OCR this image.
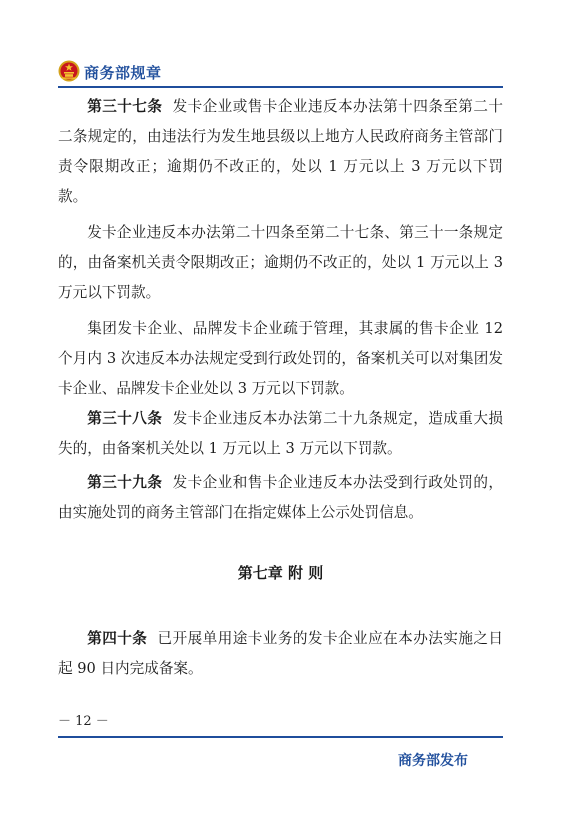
商务部规章
第三十七条 发卡企业或售卡企业违反本办法第十四条至第二十二条规定的，由违法行为发生地县级以上地方人民政府商务主管部门责令限期改正；逾期仍不改正的，处以 1 万元以上 3 万元以下罚款。
发卡企业违反本办法第二十四条至第二十七条、第三十一条规定的，由备案机关责令限期改正；逾期仍不改正的，处以 1 万元以上 3 万元以下罚款。
集团发卡企业、品牌发卡企业疏于管理，其隶属的售卡企业 12 个月内 3 次违反本办法规定受到行政处罚的，备案机关可以对集团发卡企业、品牌发卡企业处以 3 万元以下罚款。
第三十八条 发卡企业违反本办法第二十九条规定，造成重大损失的，由备案机关处以 1 万元以上 3 万元以下罚款。
第三十九条 发卡企业和售卡企业违反本办法受到行政处罚的，由实施处罚的商务主管部门在指定媒体上公示处罚信息。
第七章 附 则
第四十条 已开展单用途卡业务的发卡企业应在本办法实施之日起 90 日内完成备案。
－ 12 －
商务部发布
